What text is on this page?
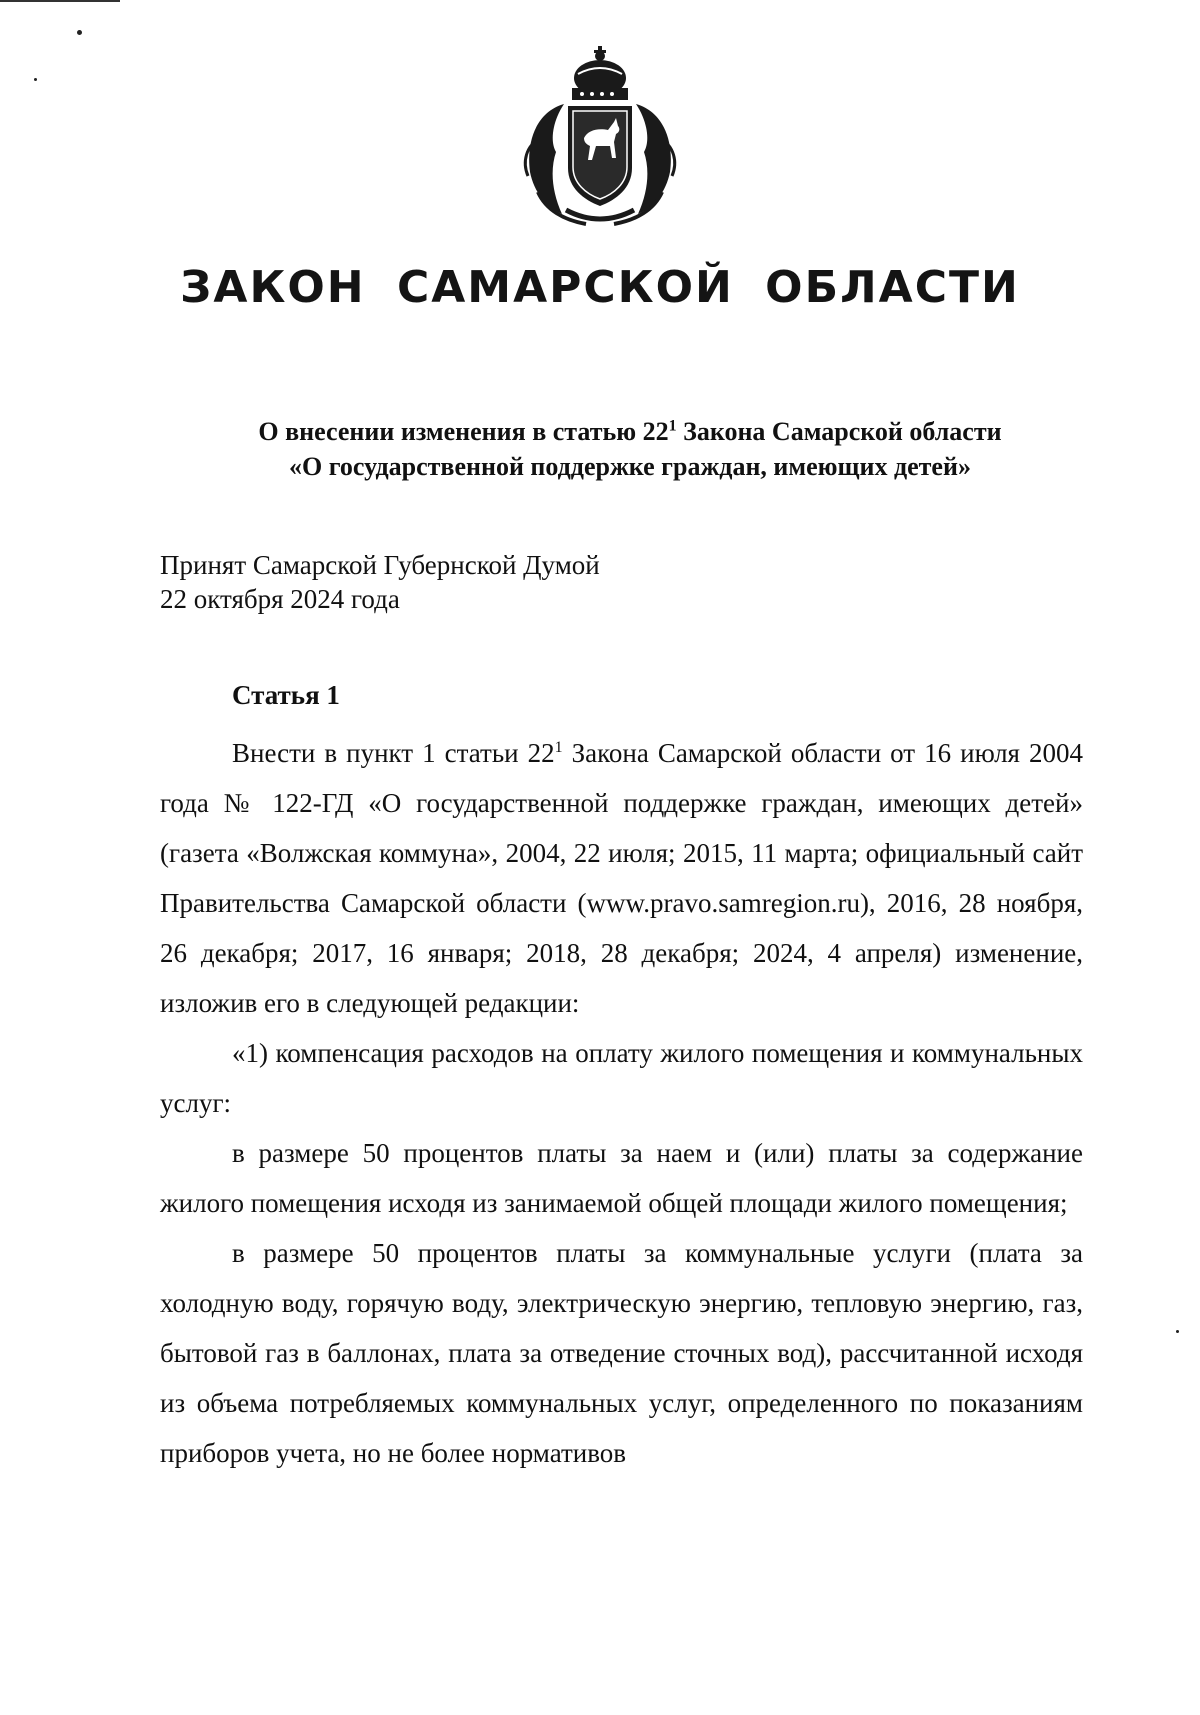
ЗАКОН САМАРСКОЙ ОБЛАСТИ
О внесении изменения в статью $22^1$ Закона Самарской области
«О государственной поддержке граждан, имеющих детей»
Принят Самарской Губернской Думой
22 октября 2024 года
Статья 1

Внести в пункт 1 статьи $22^1$ Закона Самарской области от 16 июля 2004 года № 122-ГД «О государственной поддержке граждан, имеющих детей» (газета «Волжская коммуна», 2004, 22 июля; 2015, 11 марта; официальный сайт Правительства Самарской области (www.pravo.samregion.ru), 2016, 28 ноября, 26 декабря; 2017, 16 января; 2018, 28 декабря; 2024, 4 апреля) изменение, изложив его в следующей редакции:

«1) компенсация расходов на оплату жилого помещения и коммунальных услуг:

в размере 50 процентов платы за наем и (или) платы за содержание жилого помещения исходя из занимаемой общей площади жилого помещения;

в размере 50 процентов платы за коммунальные услуги (плата за холодную воду, горячую воду, электрическую энергию, тепловую энергию, газ, бытовой газ в баллонах, плата за отведение сточных вод), рассчитанной исходя из объема потребляемых коммунальных услуг, определенного по показаниям приборов учета, но не более нормативов
